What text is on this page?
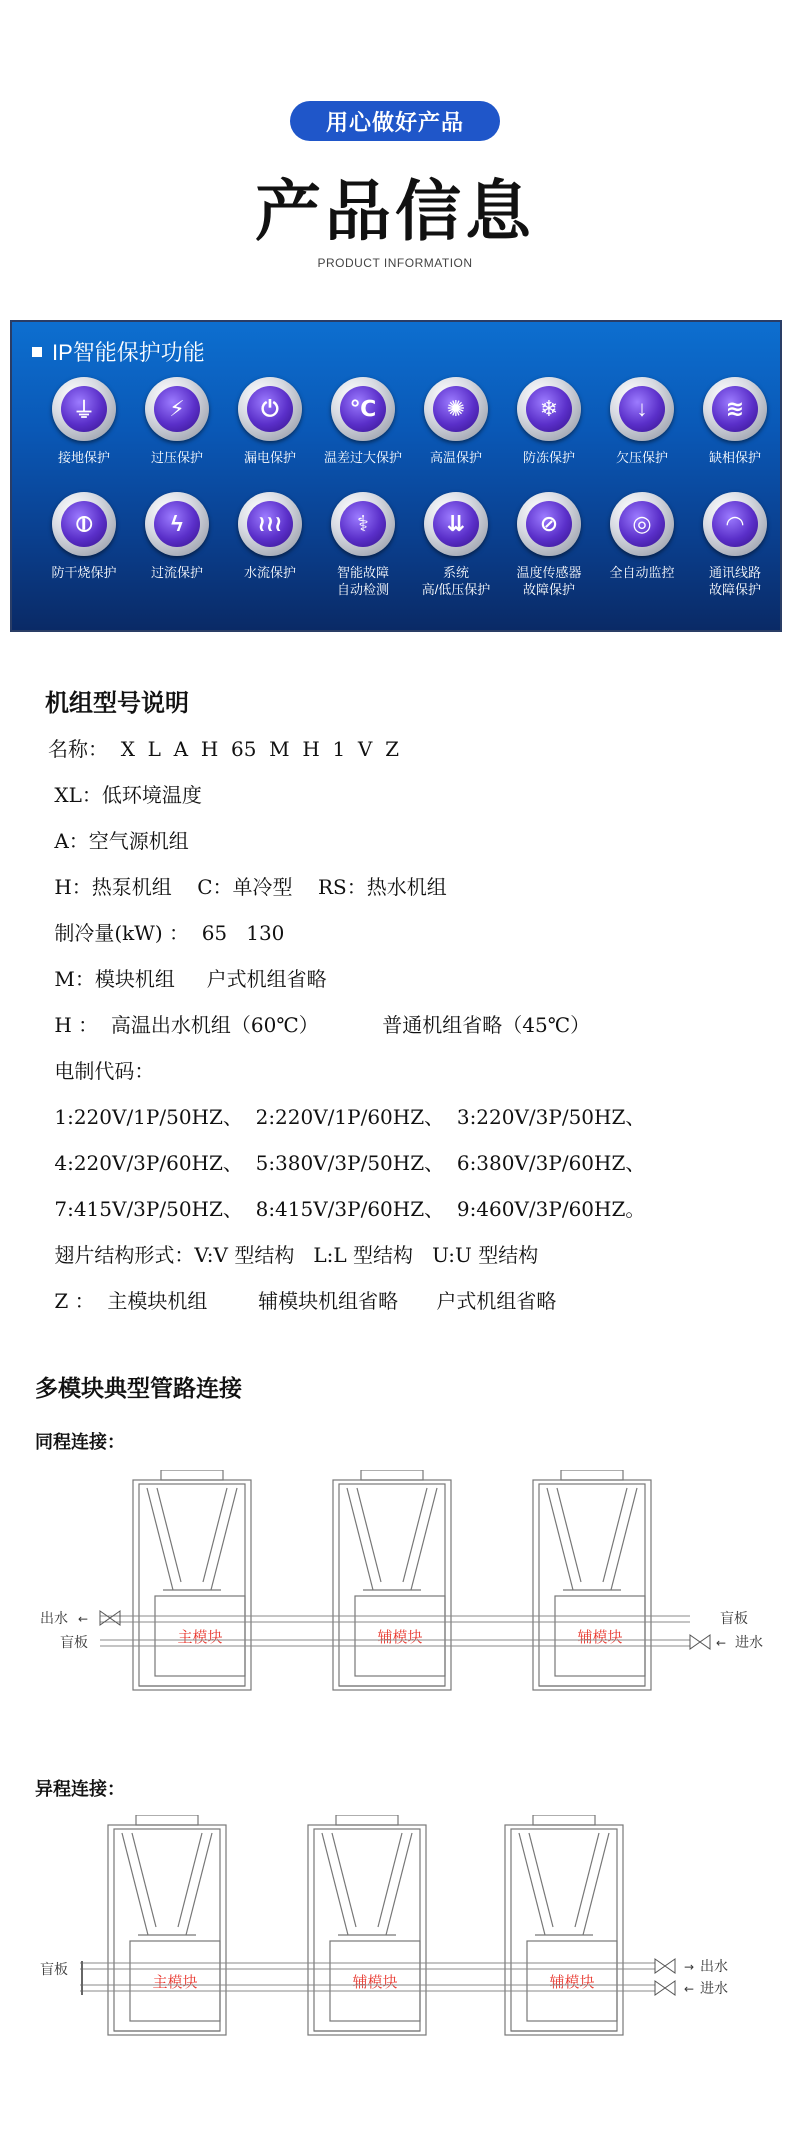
用心做好产品
产品信息
PRODUCT INFORMATION
IP智能保护功能
⏚
接地保护
⚡
过压保护
⏻
漏电保护
℃
温差过大保护
✺
高温保护
❄
防冻保护
↓
欠压保护
≋
缺相保护
⦶
防干烧保护
ϟ
过流保护
≀≀≀
水流保护
⚕
智能故障
自动检测
⇊
系统
高/低压保护
⊘
温度传感器
故障保护
◎
全自动监控
◠
通讯线路
故障保护
机组型号说明
名称：  X  L  A  H  65  M  H  1  V  Z
XL：低环境温度
A：空气源机组
H：热泵机组    C：单冷型    RS：热水机组
制冷量(kW) ：  65   130
M：模块机组     户式机组省略
H ：  高温出水机组（60℃）          普通机组省略（45℃）
电制代码：
1:220V/1P/50HZ、  2:220V/1P/60HZ、  3:220V/3P/50HZ、
4:220V/3P/60HZ、  5:380V/3P/50HZ、  6:380V/3P/60HZ、
7:415V/3P/50HZ、  8:415V/3P/60HZ、  9:460V/3P/60HZ。
翅片结构形式：V:V 型结构   L:L 型结构   U:U 型结构
Z ：  主模块机组        辅模块机组省略      户式机组省略
多模块典型管路连接
同程连接：
主模块	辅模块	辅模块
出水 ←
盲板
盲板
← 进水
异程连接：
主模块	辅模块	辅模块
盲板	→ 出水
← 进水
